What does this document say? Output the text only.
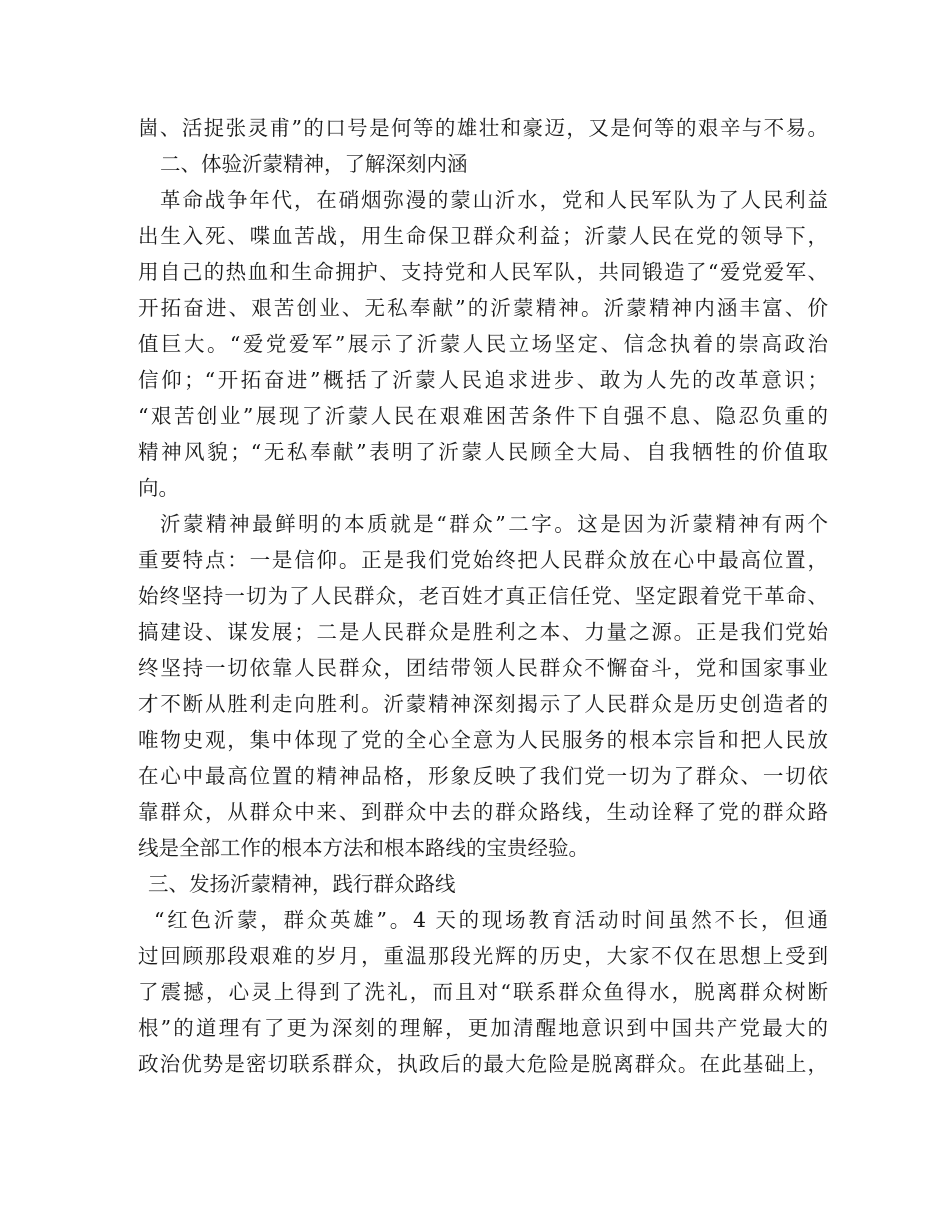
崮、活捉张灵甫”的口号是何等的雄壮和豪迈，又是何等的艰辛与不易。
二、体验沂蒙精神，了解深刻内涵
革命战争年代，在硝烟弥漫的蒙山沂水，党和人民军队为了人民利益
出生入死、喋血苦战，用生命保卫群众利益；沂蒙人民在党的领导下，
用自己的热血和生命拥护、支持党和人民军队，共同锻造了“爱党爱军、
开拓奋进、艰苦创业、无私奉献”的沂蒙精神。沂蒙精神内涵丰富、价
值巨大。“爱党爱军”展示了沂蒙人民立场坚定、信念执着的崇高政治
信仰；“开拓奋进”概括了沂蒙人民追求进步、敢为人先的改革意识；
“艰苦创业”展现了沂蒙人民在艰难困苦条件下自强不息、隐忍负重的
精神风貌；“无私奉献”表明了沂蒙人民顾全大局、自我牺牲的价值取
向。
沂蒙精神最鲜明的本质就是“群众”二字。这是因为沂蒙精神有两个
重要特点：一是信仰。正是我们党始终把人民群众放在心中最高位置，
始终坚持一切为了人民群众，老百姓才真正信任党、坚定跟着党干革命、
搞建设、谋发展；二是人民群众是胜利之本、力量之源。正是我们党始
终坚持一切依靠人民群众，团结带领人民群众不懈奋斗，党和国家事业
才不断从胜利走向胜利。沂蒙精神深刻揭示了人民群众是历史创造者的
唯物史观，集中体现了党的全心全意为人民服务的根本宗旨和把人民放
在心中最高位置的精神品格，形象反映了我们党一切为了群众、一切依
靠群众，从群众中来、到群众中去的群众路线，生动诠释了党的群众路
线是全部工作的根本方法和根本路线的宝贵经验。
三、发扬沂蒙精神，践行群众路线
“红色沂蒙，群众英雄”。4 天的现场教育活动时间虽然不长，但通
过回顾那段艰难的岁月，重温那段光辉的历史，大家不仅在思想上受到
了震撼，心灵上得到了洗礼，而且对“联系群众鱼得水，脱离群众树断
根”的道理有了更为深刻的理解，更加清醒地意识到中国共产党最大的
政治优势是密切联系群众，执政后的最大危险是脱离群众。在此基础上，
